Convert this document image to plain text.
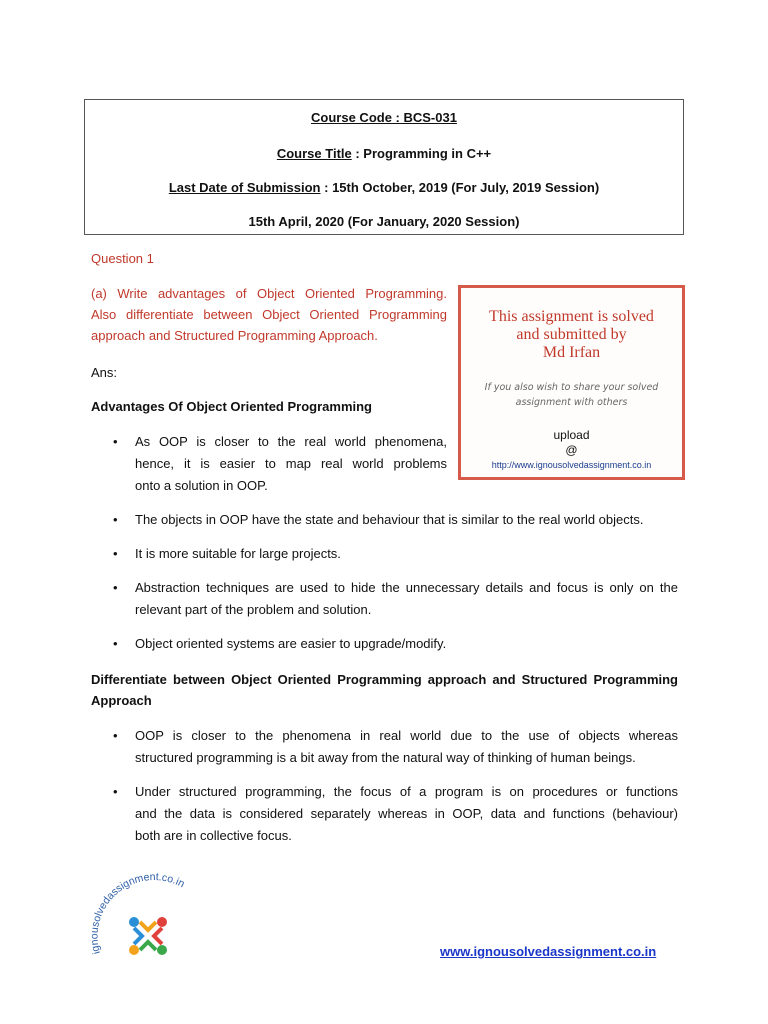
Course Code : BCS-031
Course Title : Programming in C++
Last Date of Submission : 15th October, 2019 (For July, 2019 Session)
15th April, 2020 (For January, 2020 Session)
Question 1
(a) Write advantages of Object Oriented Programming.
Also differentiate between Object Oriented Programming
approach and Structured Programming Approach.
Ans:
Advantages Of Object Oriented Programming
• As OOP is closer to the real world phenomena,
hence, it is easier to map real world problems
onto a solution in OOP.
• The objects in OOP have the state and behaviour that is similar to the real world objects.
• It is more suitable for large projects.
• Abstraction techniques are used to hide the unnecessary details and focus is only on the
relevant part of the problem and solution.
• Object oriented systems are easier to upgrade/modify.
Differentiate between Object Oriented Programming approach and Structured Programming
Approach
• OOP is closer to the phenomena in real world due to the use of objects whereas
structured programming is a bit away from the natural way of thinking of human beings.
• Under structured programming, the focus of a program is on procedures or functions
and the data is considered separately whereas in OOP, data and functions (behaviour)
both are in collective focus.
This assignment is solved
and submitted by
Md Irfan
If you also wish to share your solved
assignment with others
upload
@
http://www.ignousolvedassignment.co.in
ig solvedassignment.co.in
www.ignousolvedassignment.co.in
